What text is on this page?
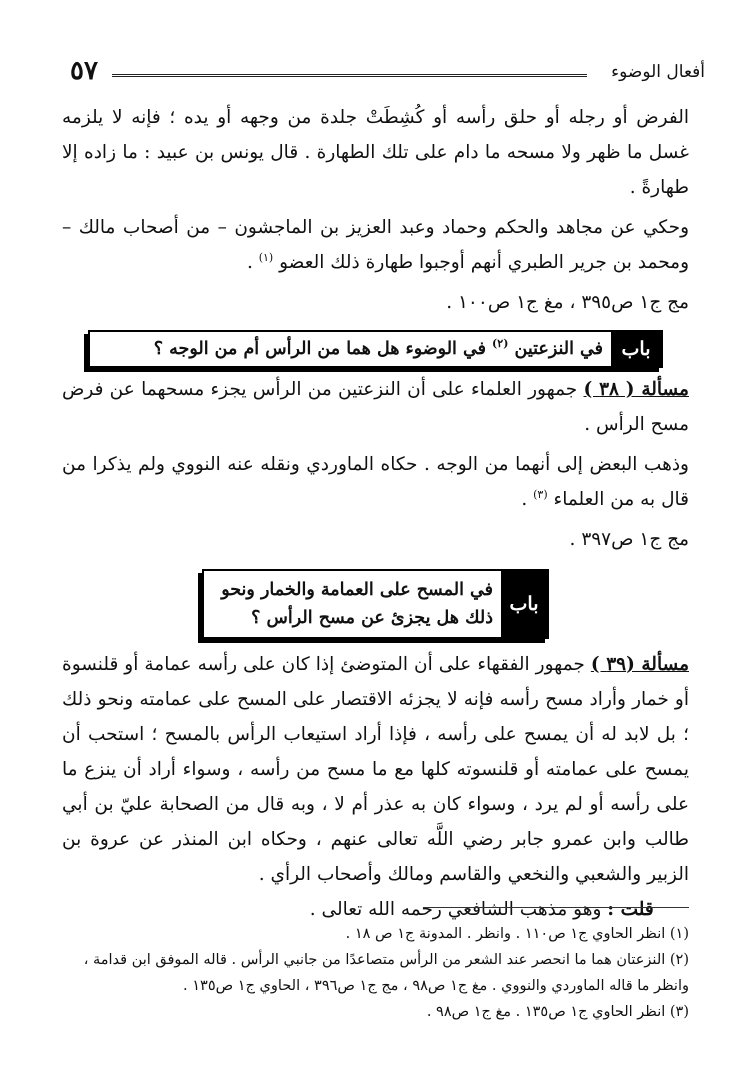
أفعال الوضوء
٥٧

الفرض أو رجله أو حلق رأسه أو كُشِطَتْ جلدة من وجهه أو يده ؛ فإنه لا يلزمه غسل ما ظهر ولا مسحه ما دام على تلك الطهارة . قال يونس بن عبيد : ما زاده إلا طهارةً .

وحكي عن مجاهد والحكم وحماد وعبد العزيز بن الماجشون – من أصحاب مالك – ومحمد بن جرير الطبري أنهم أوجبوا طهارة ذلك العضو $^{(١)}$ .

مج ج١ ص٣٩٥ ، مغ ج١ ص١٠٠ .

باب
في النزعتين $^{(٢)}$ في الوضوء هل هما من الرأس أم من الوجه ؟

مسألة ( ٣٨ ) جمهور العلماء على أن النزعتين من الرأس يجزء مسحهما عن فرض مسح الرأس .

وذهب البعض إلى أنهما من الوجه . حكاه الماوردي ونقله عنه النووي ولم يذكرا من قال به من العلماء $^{(٣)}$ .

مج ج١ ص٣٩٧ .

باب
في المسح على العمامة والخمار ونحو
ذلك هل يجزئ عن مسح الرأس ؟

مسألة (٣٩ ) جمهور الفقهاء على أن المتوضئ إذا كان على رأسه عمامة أو قلنسوة أو خمار وأراد مسح رأسه فإنه لا يجزئه الاقتصار على المسح على عمامته ونحو ذلك ؛ بل لابد له أن يمسح على رأسه ، فإذا أراد استيعاب الرأس بالمسح ؛ استحب أن يمسح على عمامته أو قلنسوته كلها مع ما مسح من رأسه ، وسواء أراد أن ينزع ما على رأسه أو لم يرد ، وسواء كان به عذر أم لا ، وبه قال من الصحابة عليّ بن أبي طالب وابن عمرو جابر رضي اللَّه تعالى عنهم ، وحكاه ابن المنذر عن عروة بن الزبير والشعبي والنخعي والقاسم ومالك وأصحاب الرأي .

قلت : وهو مذهب الشافعي رحمه الله تعالى .

(١) انظر الحاوي ج١ ص١١٠ . وانظر . المدونة ج١ ص ١٨ .

(٢) النزعتان هما ما انحصر عند الشعر من الرأس متصاعدًا من جانبي الرأس . قاله الموفق ابن قدامة ، وانظر ما قاله الماوردي والنووي . مغ ج١ ص٩٨ ، مج ج١ ص٣٩٦ ، الحاوي ج١ ص١٣٥ .

(٣) انظر الحاوي ج١ ص١٣٥ . مغ ج١ ص٩٨ .
